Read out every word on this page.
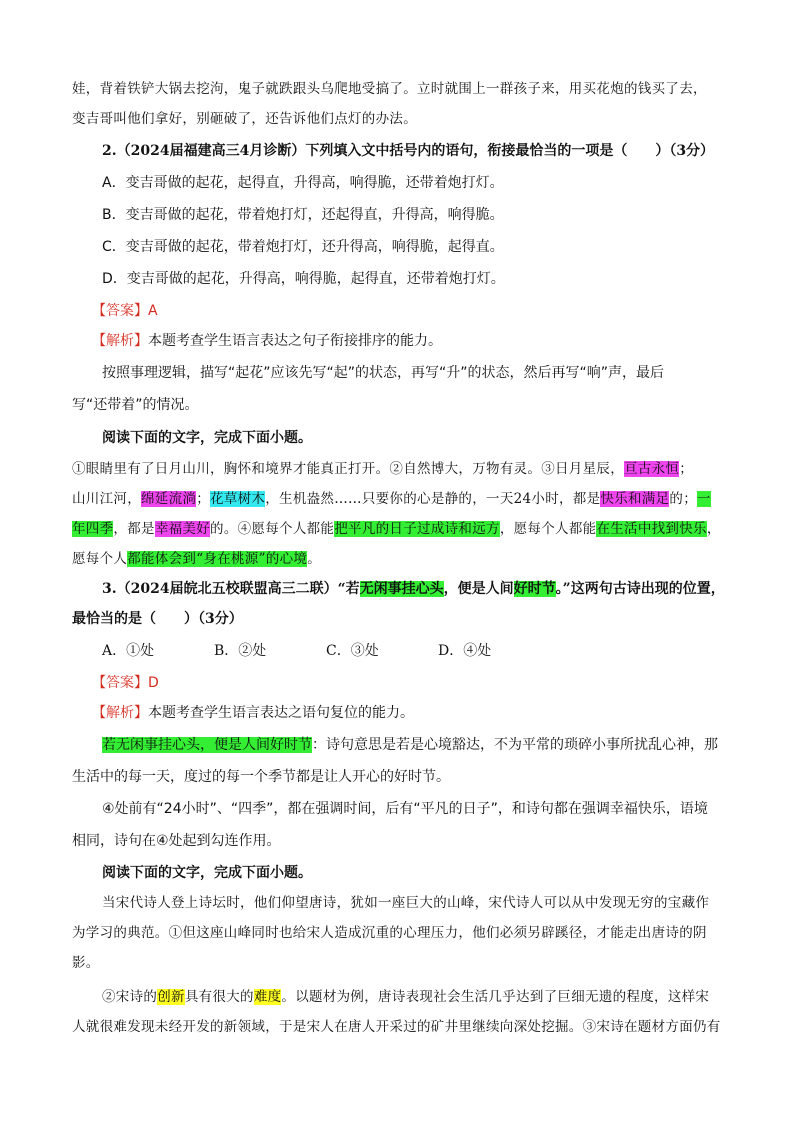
娃，背着铁铲大锅去挖泃，鬼子就跌跟头乌爬地受搞了。立时就围上一群孩子来，用买花炮的钱买了去，
变吉哥叫他们拿好，别砸破了，还告诉他们点灯的办法。
2.（2024届福建高三4月诊断）下列填入文中括号内的语句，衔接最恰当的一项是（　　）（3分）
A．变吉哥做的起花，起得直，升得高，响得脆，还带着炮打灯。
B．变吉哥做的起花，带着炮打灯，还起得直，升得高，响得脆。
C．变吉哥做的起花，带着炮打灯，还升得高，响得脆，起得直。
D．变吉哥做的起花，升得高，响得脆，起得直，还带着炮打灯。
【答案】A
【解析】本题考查学生语言表达之句子衔接排序的能力。
按照事理逻辑，描写“起花”应该先写“起”的状态，再写“升”的状态，然后再写“响”声，最后
写“还带着”的情况。
阅读下面的文字，完成下面小题。
①眼睛里有了日月山川，胸怀和境界才能真正打开。②自然博大，万物有灵。③日月星辰，亘古永恒；
山川江河，绵延流淌；花草树木，生机盎然……只要你的心是静的，一天24小时，都是快乐和满足的；一
年四季，都是幸福美好的。④愿每个人都能把平凡的日子过成诗和远方，愿每个人都能在生活中找到快乐，
愿每个人都能体会到“身在桃源”的心境。
3.（2024届皖北五校联盟高三二联）“若无闲事挂心头，便是人间好时节。”这两句古诗出现的位置，
最恰当的是（　　）（3分）
A．①处	B．②处	C．③处	D．④处
【答案】D
【解析】本题考查学生语言表达之语句复位的能力。
若无闲事挂心头，便是人间好时节：诗句意思是若是心境豁达，不为平常的琐碎小事所扰乱心神，那
生活中的每一天，度过的每一个季节都是让人开心的好时节。
④处前有“24小时”、“四季”，都在强调时间，后有“平凡的日子”，和诗句都在强调幸福快乐，语境
相同，诗句在④处起到勾连作用。
阅读下面的文字，完成下面小题。
当宋代诗人登上诗坛时，他们仰望唐诗，犹如一座巨大的山峰，宋代诗人可以从中发现无穷的宝藏作
为学习的典范。①但这座山峰同时也给宋人造成沉重的心理压力，他们必须另辟蹊径，才能走出唐诗的阴
影。
②宋诗的创新具有很大的难度。以题材为例，唐诗表现社会生活几乎达到了巨细无遗的程度，这样宋
人就很难发现未经开发的新领域，于是宋人在唐人开采过的矿井里继续向深处挖掘。③宋诗在题材方面仍有
